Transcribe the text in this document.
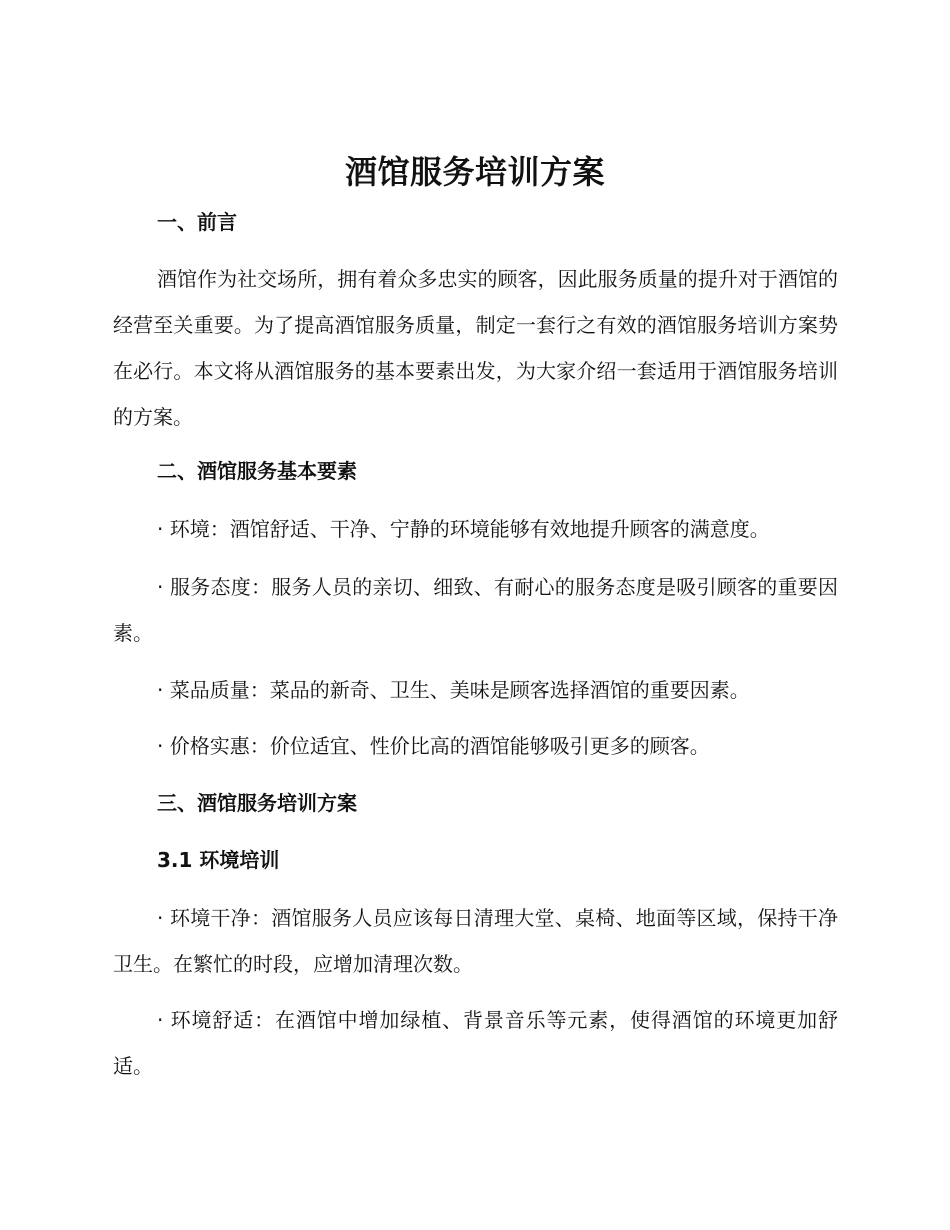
酒馆服务培训方案
一、前言
酒馆作为社交场所，拥有着众多忠实的顾客，因此服务质量的提升对于酒馆的经营至关重要。为了提高酒馆服务质量，制定一套行之有效的酒馆服务培训方案势在必行。本文将从酒馆服务的基本要素出发，为大家介绍一套适用于酒馆服务培训的方案。
二、酒馆服务基本要素
· 环境：酒馆舒适、干净、宁静的环境能够有效地提升顾客的满意度。
· 服务态度：服务人员的亲切、细致、有耐心的服务态度是吸引顾客的重要因素。
· 菜品质量：菜品的新奇、卫生、美味是顾客选择酒馆的重要因素。
· 价格实惠：价位适宜、性价比高的酒馆能够吸引更多的顾客。
三、酒馆服务培训方案
3.1 环境培训
· 环境干净：酒馆服务人员应该每日清理大堂、桌椅、地面等区域，保持干净卫生。在繁忙的时段，应增加清理次数。
· 环境舒适：在酒馆中增加绿植、背景音乐等元素，使得酒馆的环境更加舒适。
